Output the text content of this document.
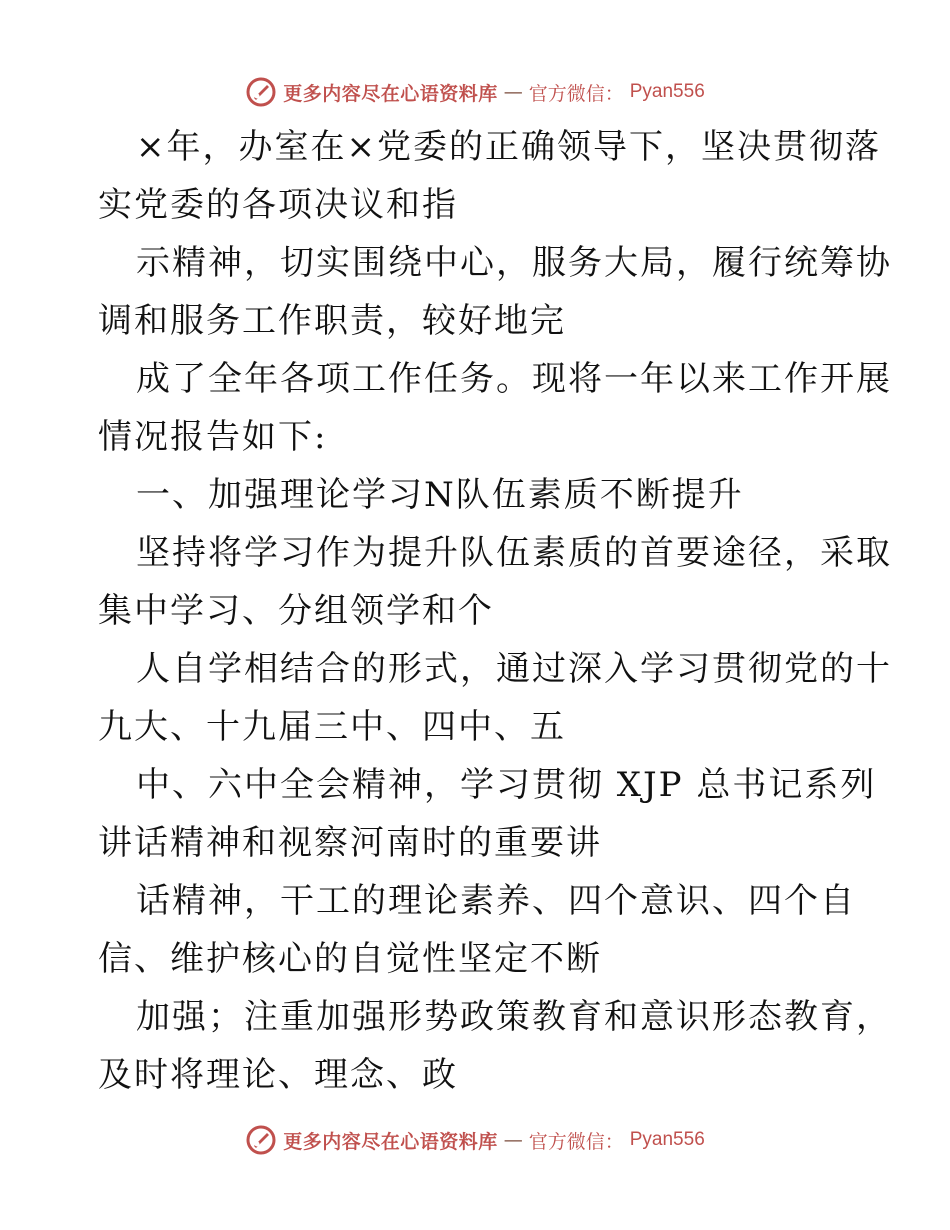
更多内容尽在心语资料库 — 官方微信： Pyan556
×年，办室在×党委的正确领导下，坚决贯彻落
实党委的各项决议和指
示精神，切实围绕中心，服务大局，履行统筹协
调和服务工作职责，较好地完
成了全年各项工作任务。现将一年以来工作开展
情况报告如下:
一、加强理论学习N队伍素质不断提升
坚持将学习作为提升队伍素质的首要途径，采取
集中学习、分组领学和个
人自学相结合的形式，通过深入学习贯彻党的十
九大、十九届三中、四中、五
中、六中全会精神，学习贯彻 XJP 总书记系列
讲话精神和视察河南时的重要讲
话精神，干工的理论素养、四个意识、四个自
信、维护核心的自觉性坚定不断
加强；注重加强形势政策教育和意识形态教育，
及时将理论、理念、政
更多内容尽在心语资料库 — 官方微信： Pyan556
